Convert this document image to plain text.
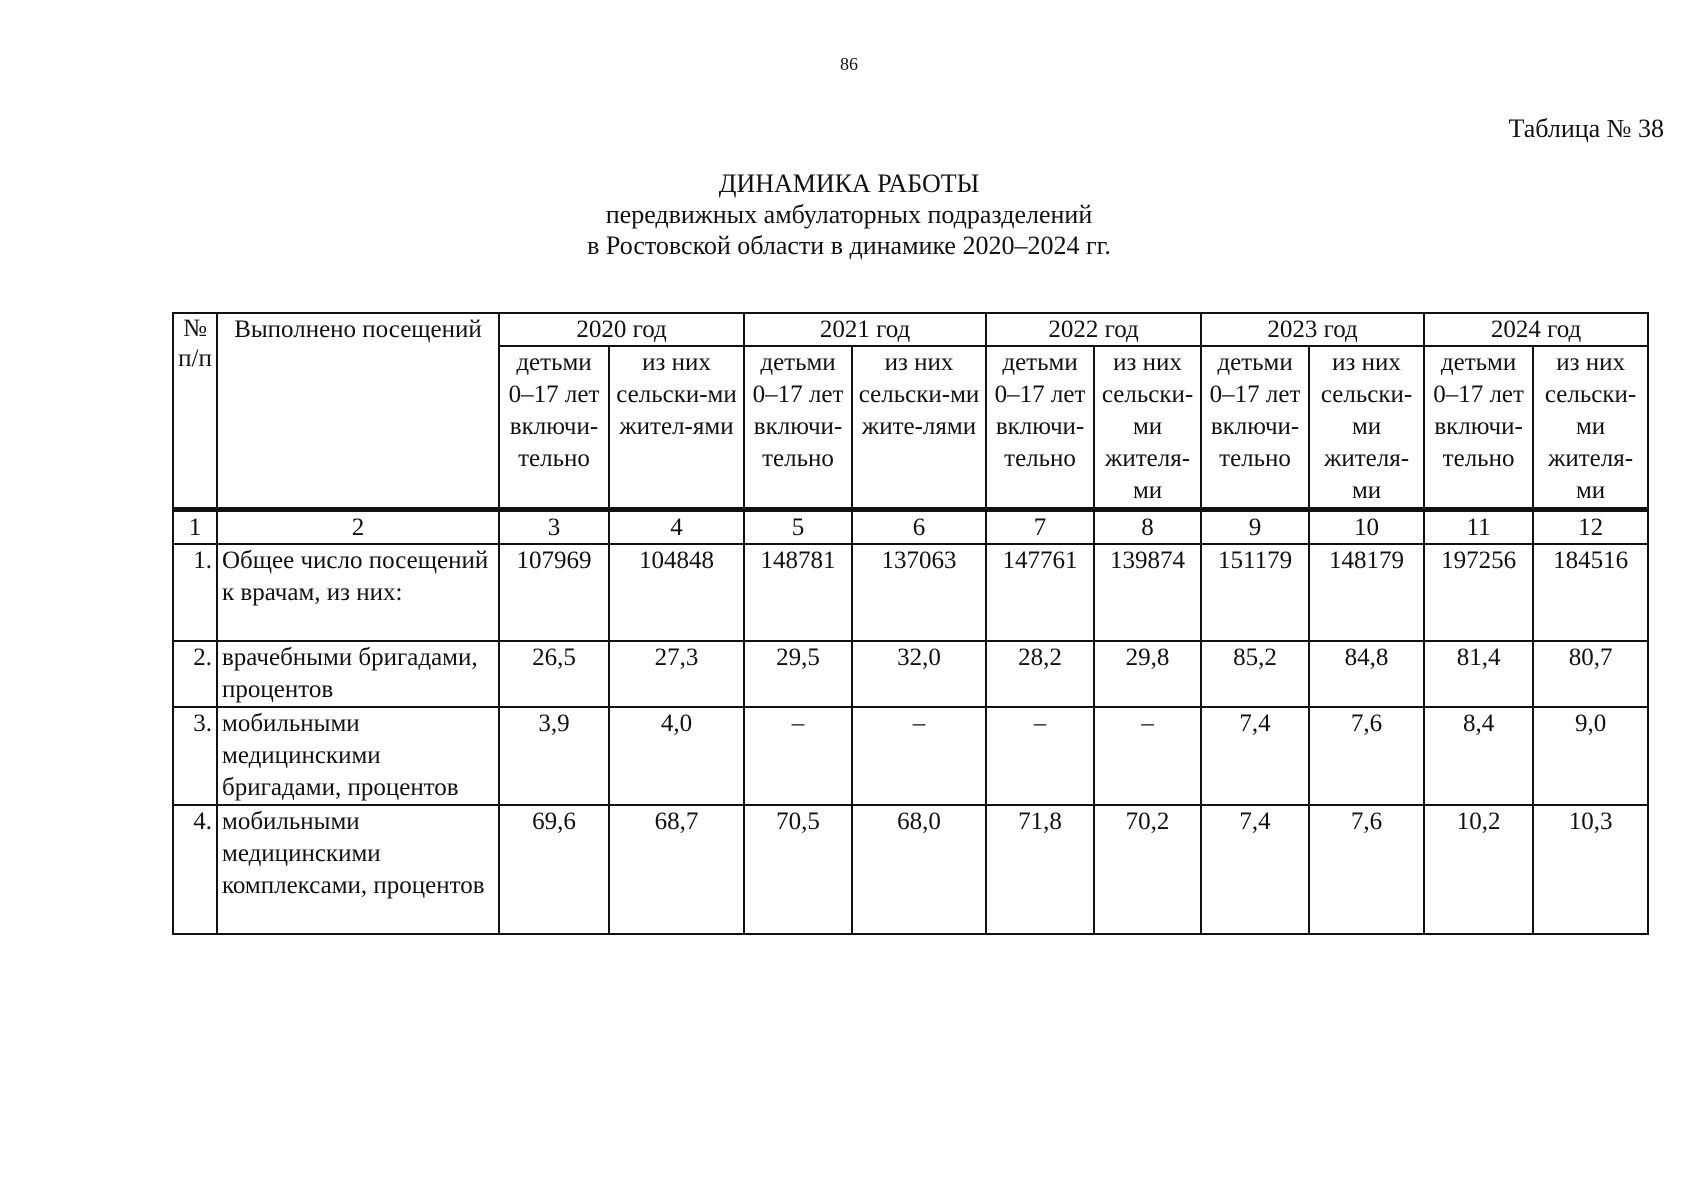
86
Таблица № 38
ДИНАМИКА РАБОТЫ
передвижных амбулаторных подразделений
в Ростовской области в динамике 2020–2024 гг.
№ п/п	Выполнено посещений	2020 год		2021 год		2022 год		2023 год		2024 год	
		детьми 0–17 лет включи-тельно	из них сельски-ми жител-ями	детьми 0–17 лет включи-тельно	из них сельски-ми жите-лями	детьми 0–17 лет включи-тельно	из них сельски-ми жителя-ми	детьми 0–17 лет включи-тельно	из них сельски-ми жителя-ми	детьми 0–17 лет включи-тельно	из них сельски-ми жителя-ми
1	2	3	4	5	6	7	8	9	10	11	12
1.	Общее число посещений к врачам, из них:	107969	104848	148781	137063	147761	139874	151179	148179	197256	184516
2.	врачебными бригадами, процентов	26,5	27,3	29,5	32,0	28,2	29,8	85,2	84,8	81,4	80,7
3.	мобильными медицинскими бригадами, процентов	3,9	4,0	–	–	–	–	7,4	7,6	8,4	9,0
4.	мобильными медицинскими комплексами, процентов	69,6	68,7	70,5	68,0	71,8	70,2	7,4	7,6	10,2	10,3
